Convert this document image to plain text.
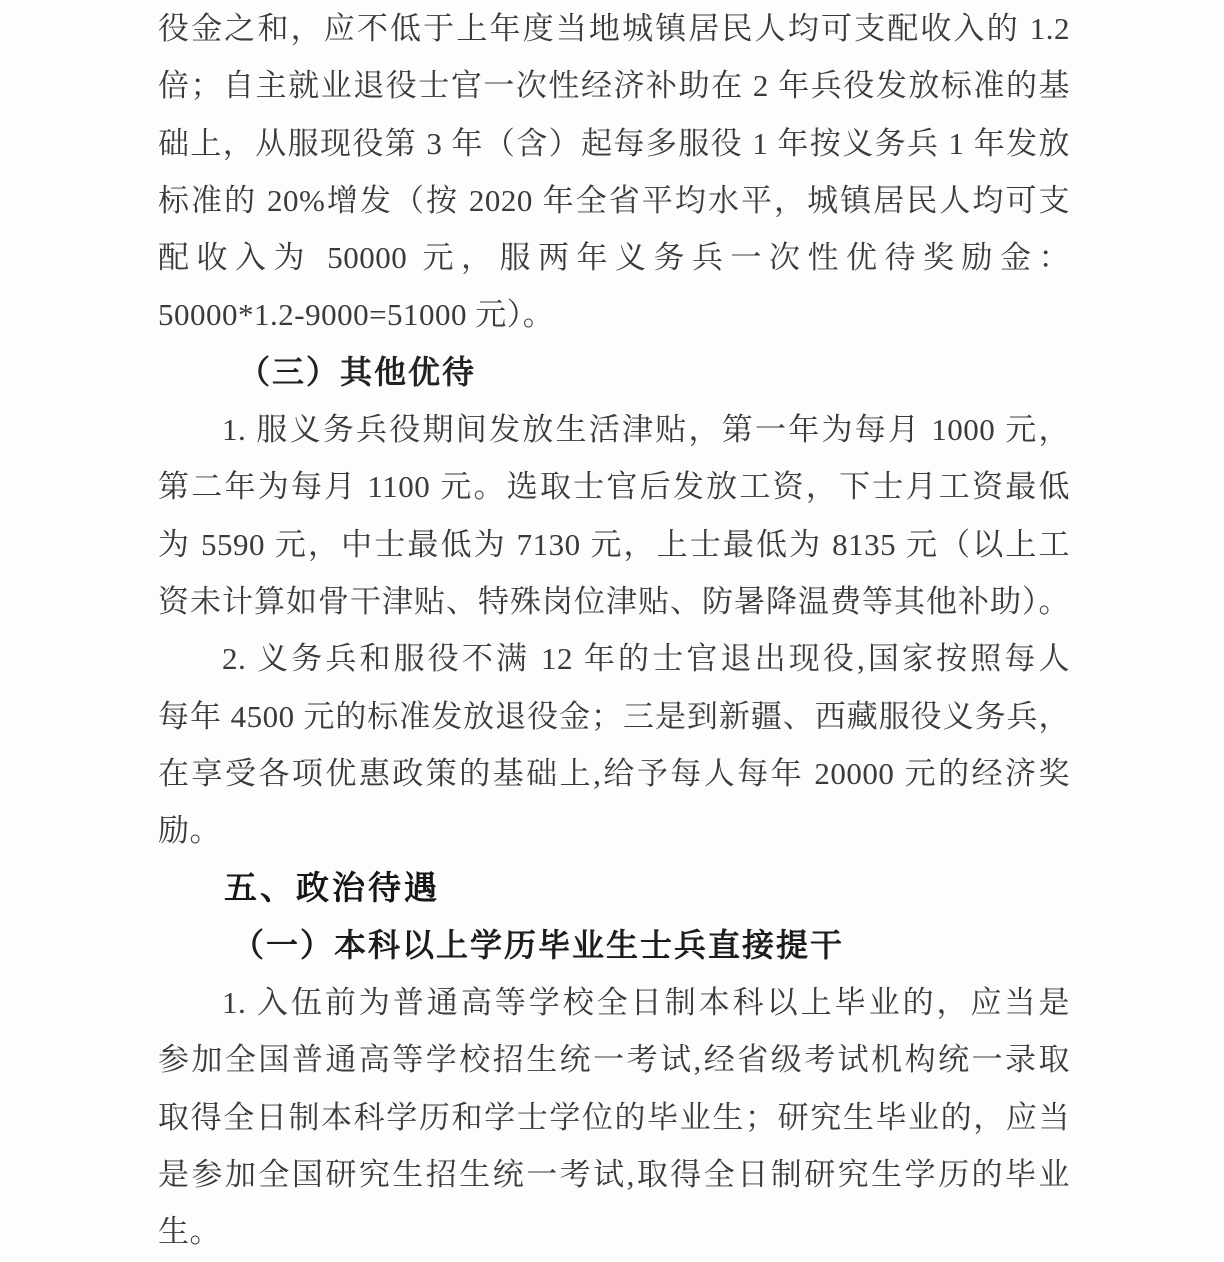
役金之和，应不低于上年度当地城镇居民人均可支配收入的 1.2
倍；自主就业退役士官一次性经济补助在 2 年兵役发放标准的基
础上，从服现役第 3 年（含）起每多服役 1 年按义务兵 1 年发放
标准的 20%增发（按 2020 年全省平均水平，城镇居民人均可支
配收入为 50000 元，服两年义务兵一次性优待奖励金：
50000*1.2-9000=51000 元）。
（三）其他优待
1. 服义务兵役期间发放生活津贴，第一年为每月 1000 元，
第二年为每月 1100 元。选取士官后发放工资，下士月工资最低
为 5590 元，中士最低为 7130 元，上士最低为 8135 元（以上工
资未计算如骨干津贴、特殊岗位津贴、防暑降温费等其他补助）。
2. 义务兵和服役不满 12 年的士官退出现役,国家按照每人
每年 4500 元的标准发放退役金；三是到新疆、西藏服役义务兵，
在享受各项优惠政策的基础上,给予每人每年 20000 元的经济奖
励。
五、政治待遇
（一）本科以上学历毕业生士兵直接提干
1. 入伍前为普通高等学校全日制本科以上毕业的，应当是
参加全国普通高等学校招生统一考试,经省级考试机构统一录取
取得全日制本科学历和学士学位的毕业生；研究生毕业的，应当
是参加全国研究生招生统一考试,取得全日制研究生学历的毕业
生。
